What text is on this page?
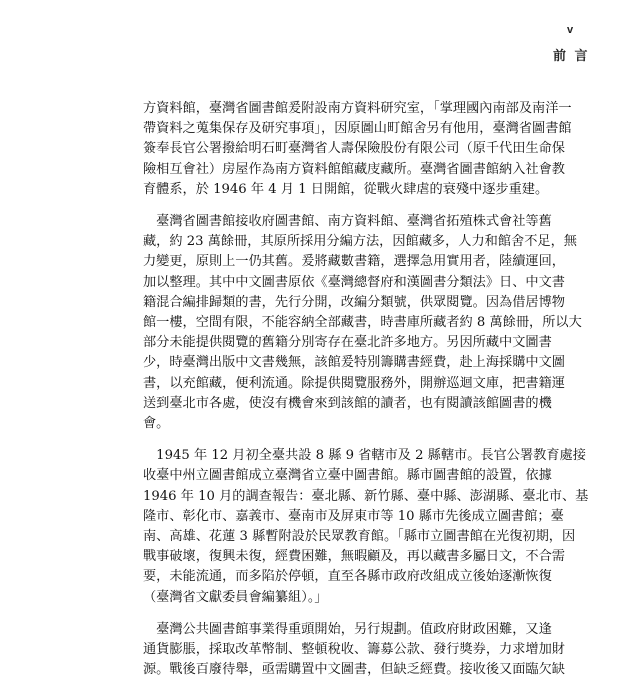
v
前 言
方資料館，臺灣省圖書館爰附設南方資料研究室，「掌理國內南部及南洋一
帶資料之蒐集保存及研究事項」，因原圖山町館舍另有他用，臺灣省圖書館
簽奉長官公署撥給明石町臺灣省人壽保險股份有限公司（原千代田生命保
險相互會社）房屋作為南方資料館館藏庋藏所。臺灣省圖書館納入社會教
育體系，於 1946 年 4 月 1 日開館，從戰火肆虐的衰殘中逐步重建。
　臺灣省圖書館接收府圖書館、南方資料館、臺灣省拓殖株式會社等舊
藏，約 23 萬餘冊，其原所採用分編方法，因館藏多，人力和館舍不足，無
力變更，原則上一仍其舊。爰將藏數書籍，選擇急用實用者，陸續運回，
加以整理。其中中文圖書原依《臺灣總督府和漢圖書分類法》日、中文書
籍混合編排歸類的書，先行分開，改編分類號，供眾閱覽。因為借居博物
館一樓，空間有限，不能容納全部藏書，時書庫所藏者約 8 萬餘冊，所以大
部分未能提供閱覽的舊籍分別寄存在臺北許多地方。另因所藏中文圖書
少，時臺灣出版中文書幾無，該館爰特別籌購書經費，赴上海採購中文圖
書，以充館藏，便利流通。除提供閱覽服務外，開辦巡迴文庫，把書籍運
送到臺北市各處，使沒有機會來到該館的讀者，也有閱讀該館圖書的機
會。
　1945 年 12 月初全臺共設 8 縣 9 省轄市及 2 縣轄市。長官公署教育處接
收臺中州立圖書館成立臺灣省立臺中圖書館。縣市圖書館的設置，依據
1946 年 10 月的調查報告：臺北縣、新竹縣、臺中縣、澎湖縣、臺北市、基
隆市、彰化市、嘉義市、臺南市及屏東市等 10 縣市先後成立圖書館；臺
南、高雄、花蓮 3 縣暫附設於民眾教育館。「縣市立圖書館在光復初期，因
戰事破壞，復興未復，經費困難，無暇顧及，再以藏書多屬日文，不合需
要，未能流通，而多陷於停頓，直至各縣市政府改組成立後始逐漸恢復
（臺灣省文獻委員會編纂組）。」
　臺灣公共圖書館事業得重頭開始，另行規劃。值政府財政困難，又逢
通貨膨脹，採取改革幣制、整頓稅收、籌募公款、發行獎券，力求增加財
源。戰後百廢待舉，亟需購置中文圖書，但缺乏經費。接收後又面臨欠缺
